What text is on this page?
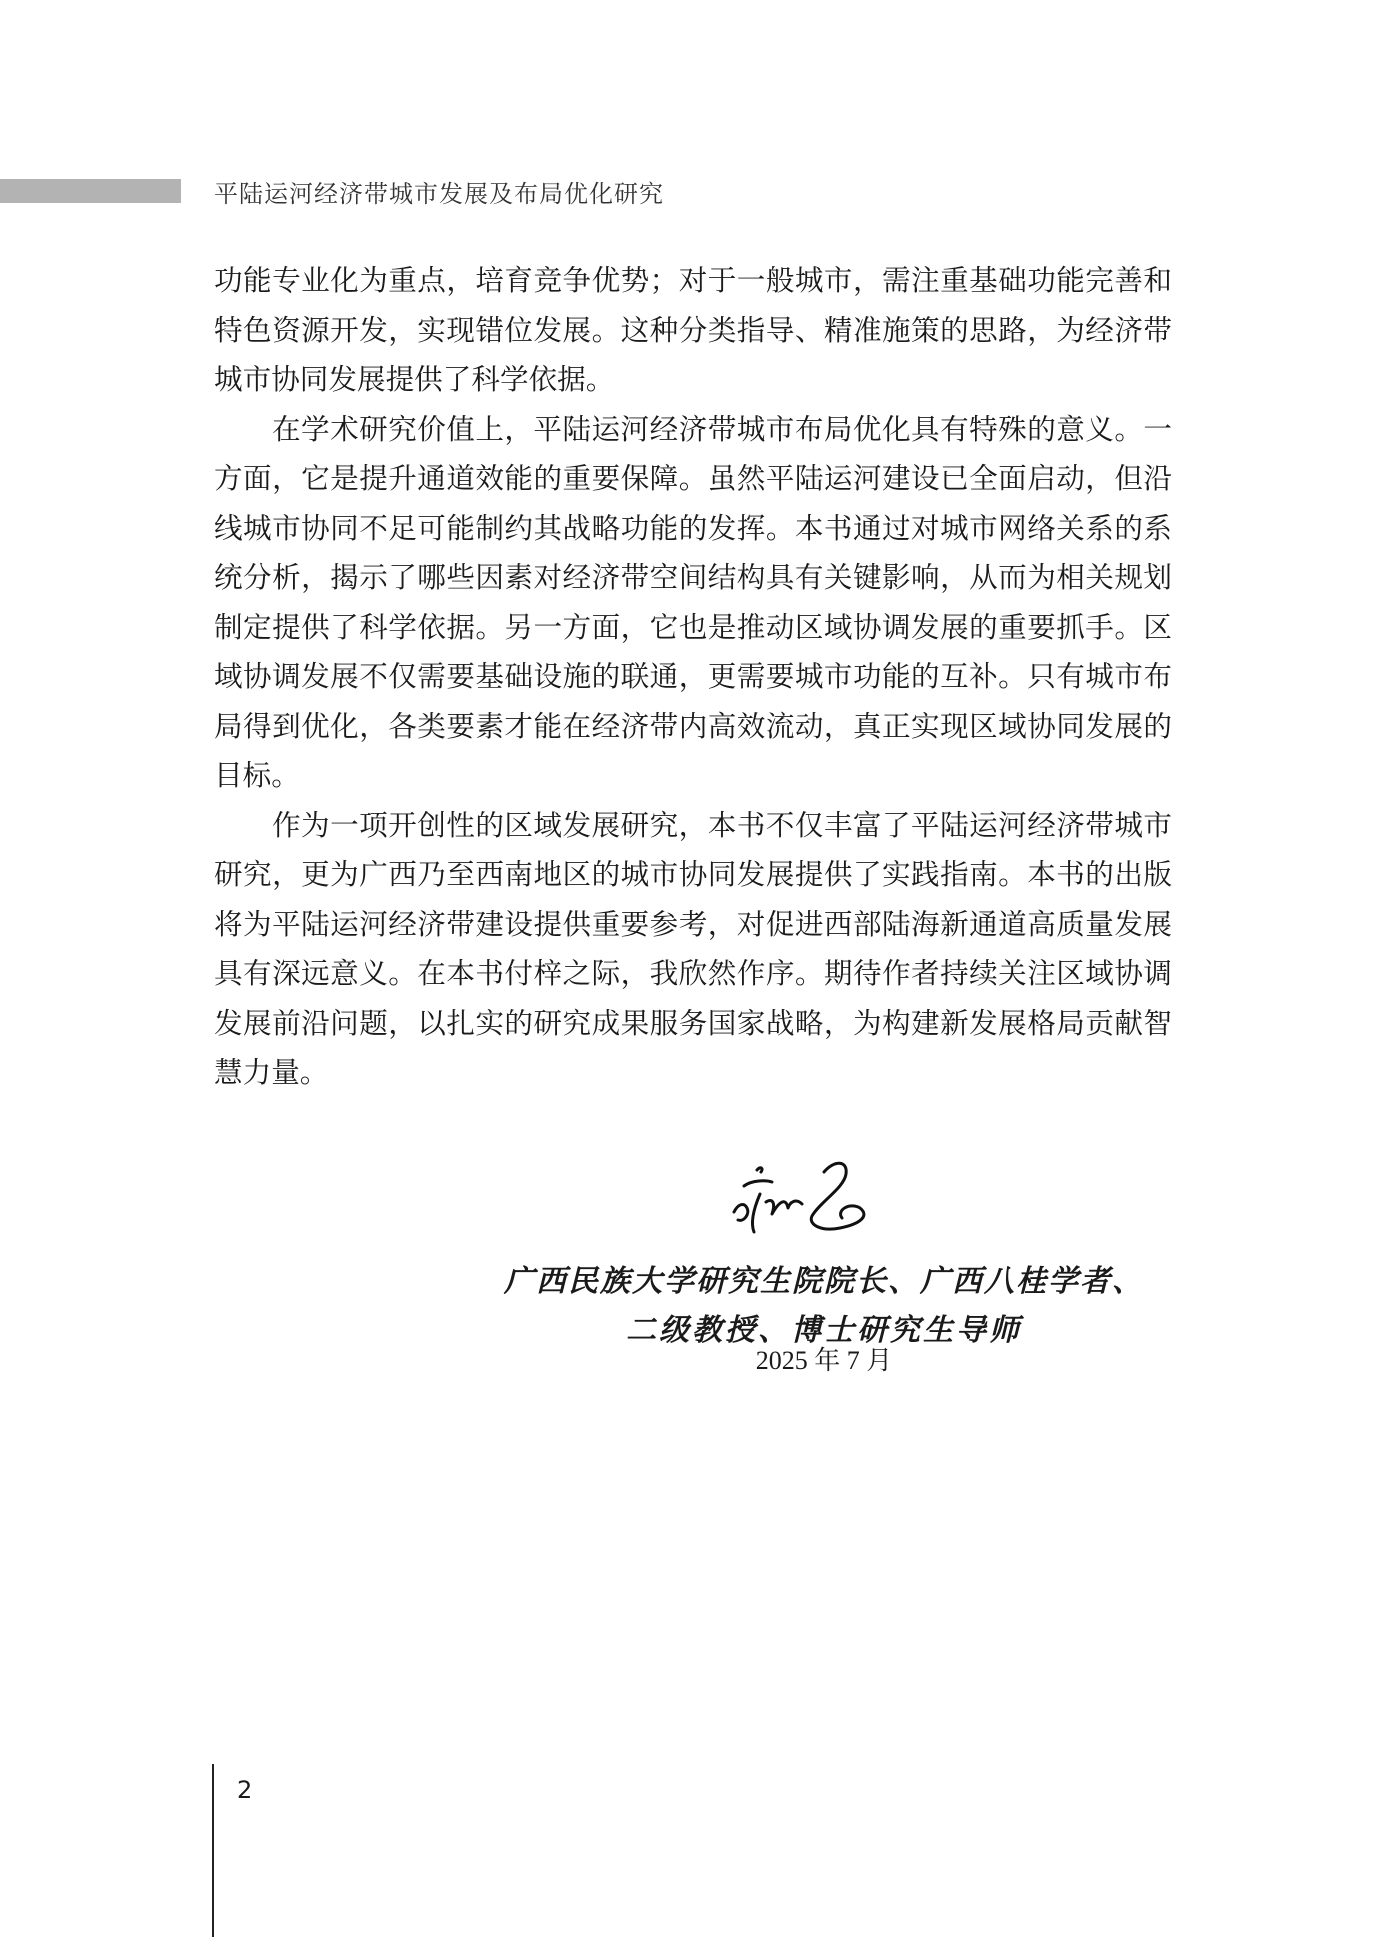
平陆运河经济带城市发展及布局优化研究

功能专业化为重点，培育竞争优势；对于一般城市，需注重基础功能完善和

特色资源开发，实现错位发展。这种分类指导、精准施策的思路，为经济带

城市协同发展提供了科学依据。

在学术研究价值上，平陆运河经济带城市布局优化具有特殊的意义。一

方面，它是提升通道效能的重要保障。虽然平陆运河建设已全面启动，但沿

线城市协同不足可能制约其战略功能的发挥。本书通过对城市网络关系的系

统分析，揭示了哪些因素对经济带空间结构具有关键影响，从而为相关规划

制定提供了科学依据。另一方面，它也是推动区域协调发展的重要抓手。区

域协调发展不仅需要基础设施的联通，更需要城市功能的互补。只有城市布

局得到优化，各类要素才能在经济带内高效流动，真正实现区域协同发展的

目标。

作为一项开创性的区域发展研究，本书不仅丰富了平陆运河经济带城市

研究，更为广西乃至西南地区的城市协同发展提供了实践指南。本书的出版

将为平陆运河经济带建设提供重要参考，对促进西部陆海新通道高质量发展

具有深远意义。在本书付梓之际，我欣然作序。期待作者持续关注区域协调

发展前沿问题，以扎实的研究成果服务国家战略，为构建新发展格局贡献智

慧力量。

广西民族大学研究生院院长、广西八桂学者、
二级教授、博士研究生导师
2025 年 7 月
2
